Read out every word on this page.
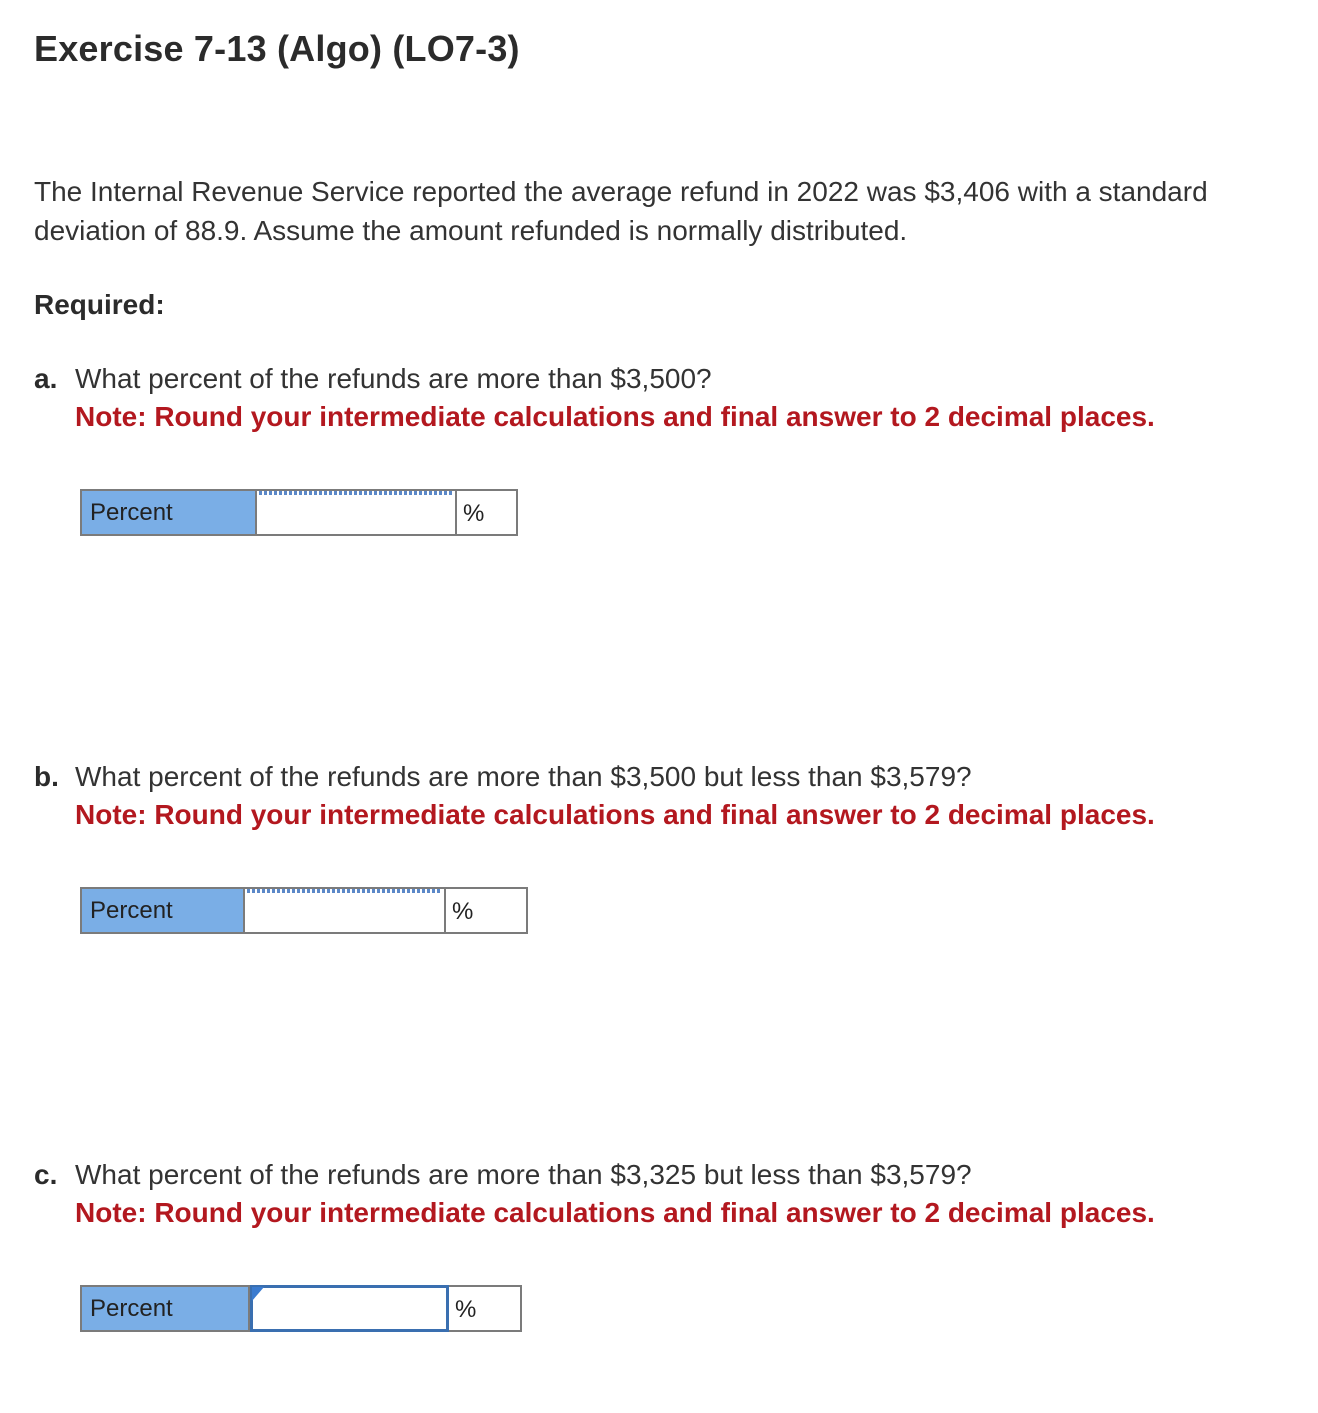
Exercise 7-13 (Algo) (LO7-3)

The Internal Revenue Service reported the average refund in 2022 was $3,406 with a standard deviation of 88.9. Assume the amount refunded is normally distributed.

Required:

a. What percent of the refunds are more than $3,500?
Note: Round your intermediate calculations and final answer to 2 decimal places.
Percent	%
b. What percent of the refunds are more than $3,500 but less than $3,579?
Note: Round your intermediate calculations and final answer to 2 decimal places.
Percent	%
c. What percent of the refunds are more than $3,325 but less than $3,579?
Note: Round your intermediate calculations and final answer to 2 decimal places.
Percent	%
